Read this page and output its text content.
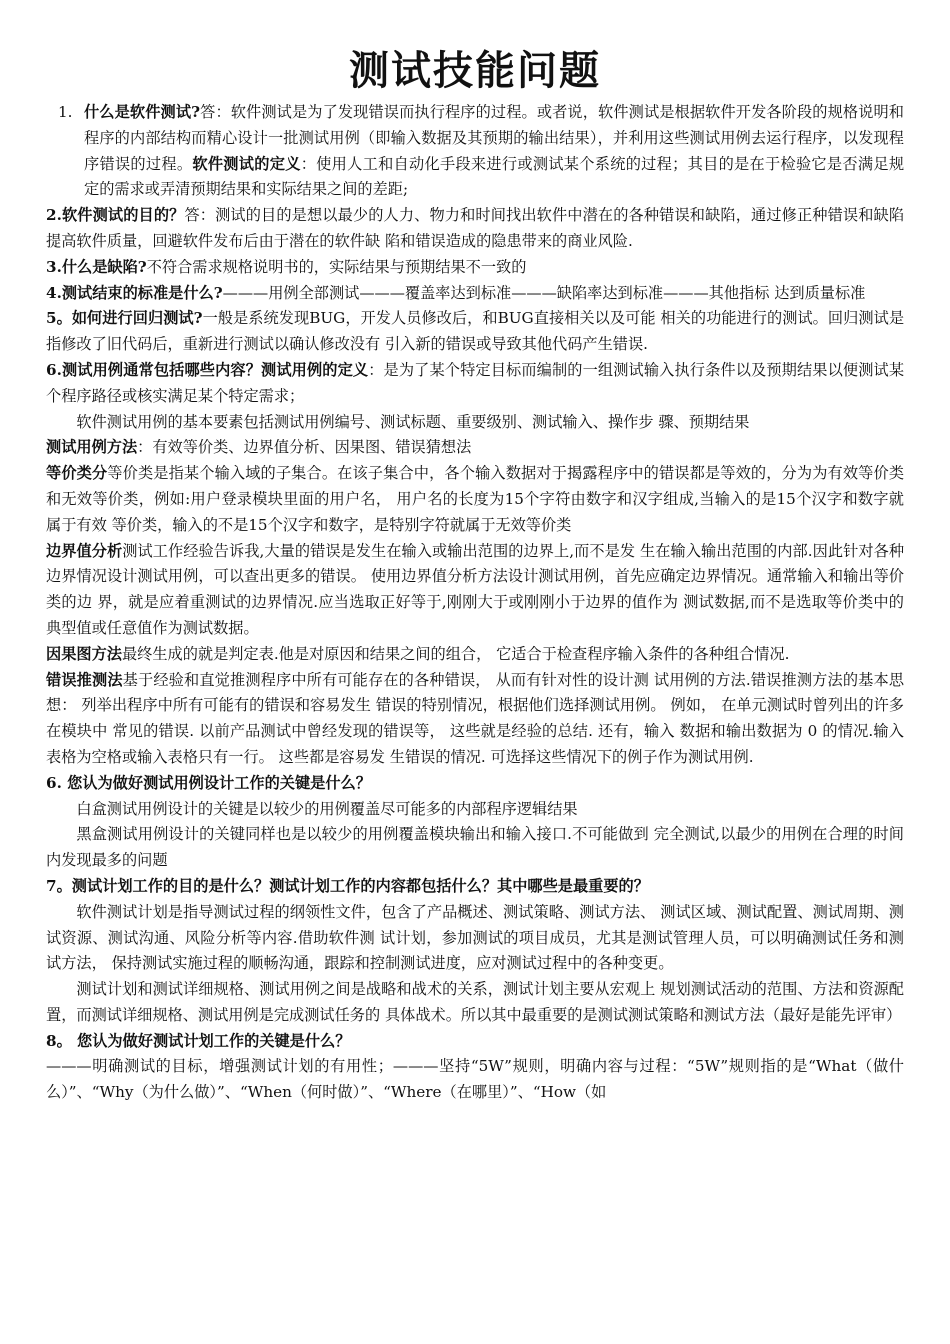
测试技能问题
1. 什么是软件测试?答：软件测试是为了发现错误而执行程序的过程。或者说，软件测试是根据软件开发各阶段的规格说明和程序的内部结构而精心设计一批测试用例（即输入数据及其预期的输出结果），并利用这些测试用例去运行程序，以发现程序错误的过程。软件测试的定义：使用人工和自动化手段来进行或测试某个系统的过程；其目的是在于检验它是否满足规定的需求或弄清预期结果和实际结果之间的差距;
2.软件测试的目的？答：测试的目的是想以最少的人力、物力和时间找出软件中潜在的各种错误和缺陷，通过修正种错误和缺陷提高软件质量，回避软件发布后由于潜在的软件缺 陷和错误造成的隐患带来的商业风险.
3.什么是缺陷?不符合需求规格说明书的，实际结果与预期结果不一致的
4.测试结束的标准是什么?———用例全部测试———覆盖率达到标准———缺陷率达到标准———其他指标 达到质量标准
5。如何进行回归测试?一般是系统发现BUG，开发人员修改后，和BUG直接相关以及可能 相关的功能进行的测试。回归测试是指修改了旧代码后，重新进行测试以确认修改没有 引入新的错误或导致其他代码产生错误.
6.测试用例通常包括哪些内容？测试用例的定义：是为了某个特定目标而编制的一组测试输入执行条件以及预期结果以便测试某个程序路径或核实满足某个特定需求；
软件测试用例的基本要素包括测试用例编号、测试标题、重要级别、测试输入、操作步 骤、预期结果
测试用例方法：有效等价类、边界值分析、因果图、错误猜想法
等价类分等价类是指某个输入域的子集合。在该子集合中，各个输入数据对于揭露程序中的错误都是等效的，分为为有效等价类和无效等价类，例如:用户登录模块里面的用户名， 用户名的长度为15个字符由数字和汉字组成,当输入的是15个汉字和数字就属于有效 等价类，输入的不是15个汉字和数字，是特别字符就属于无效等价类
边界值分析测试工作经验告诉我,大量的错误是发生在输入或输出范围的边界上,而不是发 生在输入输出范围的内部.因此针对各种边界情况设计测试用例，可以查出更多的错误。 使用边界值分析方法设计测试用例，首先应确定边界情况。通常输入和输出等价类的边 界，就是应着重测试的边界情况.应当选取正好等于,刚刚大于或刚刚小于边界的值作为 测试数据,而不是选取等价类中的典型值或任意值作为测试数据。
因果图方法最终生成的就是判定表.他是对原因和结果之间的组合， 它适合于检查程序输入条件的各种组合情况.
错误推测法基于经验和直觉推测程序中所有可能存在的各种错误， 从而有针对性的设计测 试用例的方法.错误推测方法的基本思想： 列举出程序中所有可能有的错误和容易发生 错误的特别情况，根据他们选择测试用例。 例如， 在单元测试时曾列出的许多在模块中 常见的错误. 以前产品测试中曾经发现的错误等， 这些就是经验的总结. 还有，输入 数据和输出数据为 0 的情况.输入表格为空格或输入表格只有一行。 这些都是容易发 生错误的情况. 可选择这些情况下的例子作为测试用例.
6. 您认为做好测试用例设计工作的关键是什么？
白盒测试用例设计的关键是以较少的用例覆盖尽可能多的内部程序逻辑结果
黑盒测试用例设计的关键同样也是以较少的用例覆盖模块输出和输入接口.不可能做到 完全测试,以最少的用例在合理的时间内发现最多的问题
7。测试计划工作的目的是什么？测试计划工作的内容都包括什么？其中哪些是最重要的？
软件测试计划是指导测试过程的纲领性文件，包含了产品概述、测试策略、测试方法、 测试区域、测试配置、测试周期、测试资源、测试沟通、风险分析等内容.借助软件测 试计划，参加测试的项目成员，尤其是测试管理人员，可以明确测试任务和测试方法， 保持测试实施过程的顺畅沟通，跟踪和控制测试进度，应对测试过程中的各种变更。
测试计划和测试详细规格、测试用例之间是战略和战术的关系，测试计划主要从宏观上 规划测试活动的范围、方法和资源配置，而测试详细规格、测试用例是完成测试任务的 具体战术。所以其中最重要的是测试测试策略和测试方法（最好是能先评审）
8。 您认为做好测试计划工作的关键是什么？
———明确测试的目标，增强测试计划的有用性；———坚持“5W”规则，明确内容与过程：“5W”规则指的是“What（做什么）”、“Why（为什么做）”、“When（何时做）”、“Where（在哪里）”、“How（如
